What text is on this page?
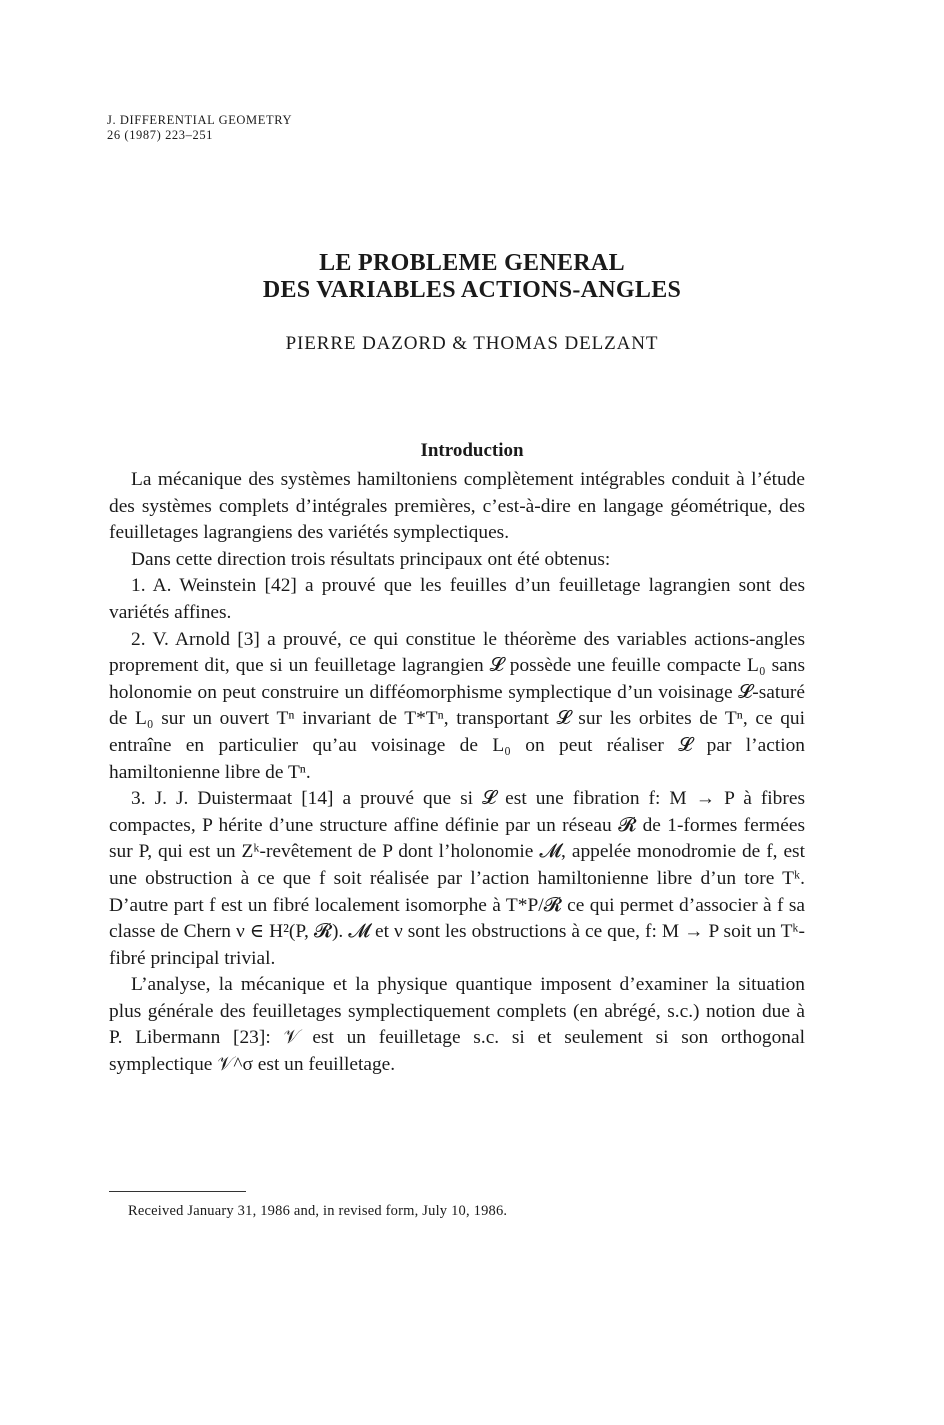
J. DIFFERENTIAL GEOMETRY
26 (1987) 223–251
LE PROBLEME GENERAL
DES VARIABLES ACTIONS-ANGLES
PIERRE DAZORD & THOMAS DELZANT
Introduction

La mécanique des systèmes hamiltoniens complètement intégrables conduit à l’étude des systèmes complets d’intégrales premières, c’est-à-dire en langage géométrique, des feuilletages lagrangiens des variétés symplectiques.

Dans cette direction trois résultats principaux ont été obtenus:

1. A. Weinstein [42] a prouvé que les feuilles d’un feuilletage lagrangien sont des variétés affines.

2. V. Arnold [3] a prouvé, ce qui constitue le théorème des variables actions-angles proprement dit, que si un feuilletage lagrangien 𝓛 possède une feuille compacte L₀ sans holonomie on peut construire un difféomorphisme symplectique d’un voisinage 𝓛-saturé de L₀ sur un ouvert Tⁿ invariant de T*Tⁿ, transportant 𝓛 sur les orbites de Tⁿ, ce qui entraîne en particulier qu’au voisinage de L₀ on peut réaliser 𝓛 par l’action hamiltonienne libre de Tⁿ.

3. J. J. Duistermaat [14] a prouvé que si 𝓛 est une fibration f: M → P à fibres compactes, P hérite d’une structure affine définie par un réseau 𝓡 de 1-formes fermées sur P, qui est un Zᵏ-revêtement de P dont l’holonomie 𝓜, appelée monodromie de f, est une obstruction à ce que f soit réalisée par l’action hamiltonienne libre d’un tore Tᵏ. D’autre part f est un fibré localement isomorphe à T*P/𝓡 ce qui permet d’associer à f sa classe de Chern ν ∈ H²(P, 𝓡). 𝓜 et ν sont les obstructions à ce que, f: M → P soit un Tᵏ-fibré principal trivial.

L’analyse, la mécanique et la physique quantique imposent d’examiner la situation plus générale des feuilletages symplectiquement complets (en abrégé, s.c.) notion due à P. Libermann [23]: 𝒱 est un feuilletage s.c. si et seulement si son orthogonal symplectique 𝒱^σ est un feuilletage.

Received January 31, 1986 and, in revised form, July 10, 1986.
